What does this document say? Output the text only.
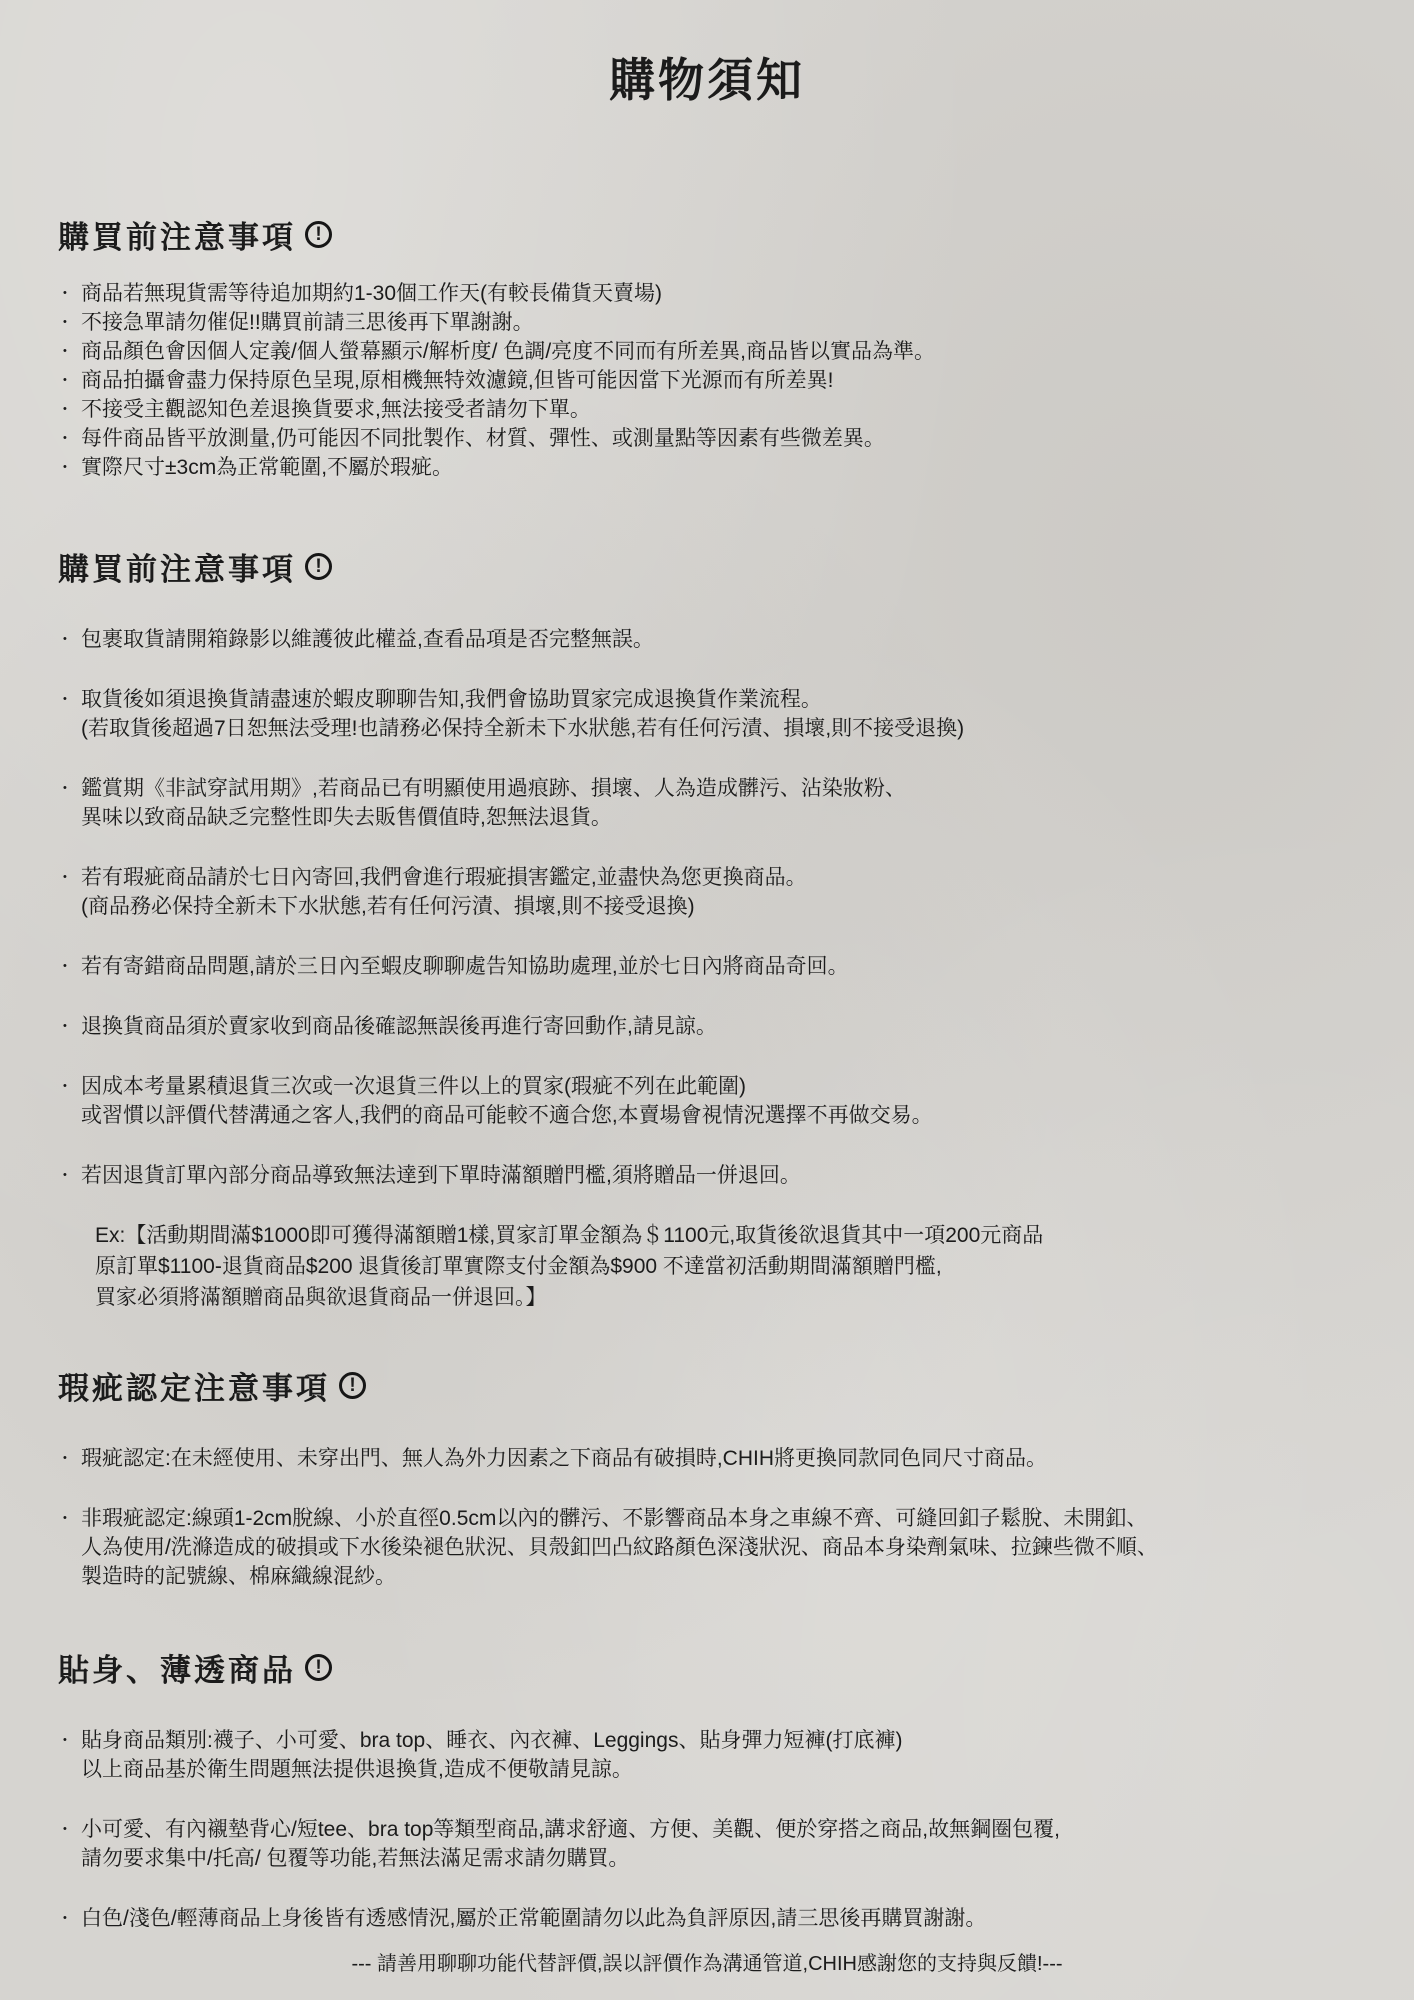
購物須知
購買前注意事項	!
• 商品若無現貨需等待追加期約1-30個工作天(有較長備貨天賣場)
• 不接急單請勿催促!!購買前請三思後再下單謝謝。
• 商品顏色會因個人定義/個人螢幕顯示/解析度/ 色調/亮度不同而有所差異,商品皆以實品為準。
• 商品拍攝會盡力保持原色呈現,原相機無特效濾鏡,但皆可能因當下光源而有所差異!
• 不接受主觀認知色差退換貨要求,無法接受者請勿下單。
• 每件商品皆平放測量,仍可能因不同批製作、材質、彈性、或測量點等因素有些微差異。
• 實際尺寸±3cm為正常範圍,不屬於瑕疵。
購買前注意事項	!
• 包裹取貨請開箱錄影以維護彼此權益,查看品項是否完整無誤。
• 取貨後如須退換貨請盡速於蝦皮聊聊告知,我們會協助買家完成退換貨作業流程。
(若取貨後超過7日恕無法受理!也請務必保持全新未下水狀態,若有任何污漬、損壞,則不接受退換)
• 鑑賞期《非試穿試用期》,若商品已有明顯使用過痕跡、損壞、人為造成髒污、沾染妝粉、
異味以致商品缺乏完整性即失去販售價值時,恕無法退貨。
• 若有瑕疵商品請於七日內寄回,我們會進行瑕疵損害鑑定,並盡快為您更換商品。
(商品務必保持全新未下水狀態,若有任何污漬、損壞,則不接受退換)
• 若有寄錯商品問題,請於三日內至蝦皮聊聊處告知協助處理,並於七日內將商品奇回。
• 退換貨商品須於賣家收到商品後確認無誤後再進行寄回動作,請見諒。
• 因成本考量累積退貨三次或一次退貨三件以上的買家(瑕疵不列在此範圍)
或習慣以評價代替溝通之客人,我們的商品可能較不適合您,本賣場會視情況選擇不再做交易。
• 若因退貨訂單內部分商品導致無法達到下單時滿額贈門檻,須將贈品一併退回。
Ex:【活動期間滿$1000即可獲得滿額贈1樣,買家訂單金額為＄1100元,取貨後欲退貨其中一項200元商品
原訂單$1100-退貨商品$200 退貨後訂單實際支付金額為$900 不達當初活動期間滿額贈門檻,
買家必須將滿額贈商品與欲退貨商品一併退回。】
瑕疵認定注意事項	!
• 瑕疵認定:在未經使用、未穿出門、無人為外力因素之下商品有破損時,CHIH將更換同款同色同尺寸商品。
• 非瑕疵認定:線頭1-2cm脫線、小於直徑0.5cm以內的髒污、不影響商品本身之車線不齊、可縫回釦子鬆脫、未開釦、
人為使用/洗滌造成的破損或下水後染褪色狀況、貝殼釦凹凸紋路顏色深淺狀況、商品本身染劑氣味、拉鍊些微不順、
製造時的記號線、棉麻織線混紗。
貼身、薄透商品	!
• 貼身商品類別:襪子、小可愛、bra top、睡衣、內衣褲、Leggings、貼身彈力短褲(打底褲)
以上商品基於衛生問題無法提供退換貨,造成不便敬請見諒。
• 小可愛、有內襯墊背心/短tee、bra top等類型商品,講求舒適、方便、美觀、便於穿搭之商品,故無鋼圈包覆,
請勿要求集中/托高/ 包覆等功能,若無法滿足需求請勿購買。
• 白色/淺色/輕薄商品上身後皆有透感情況,屬於正常範圍請勿以此為負評原因,請三思後再購買謝謝。
--- 請善用聊聊功能代替評價,誤以評價作為溝通管道,CHIH感謝您的支持與反饋!---
